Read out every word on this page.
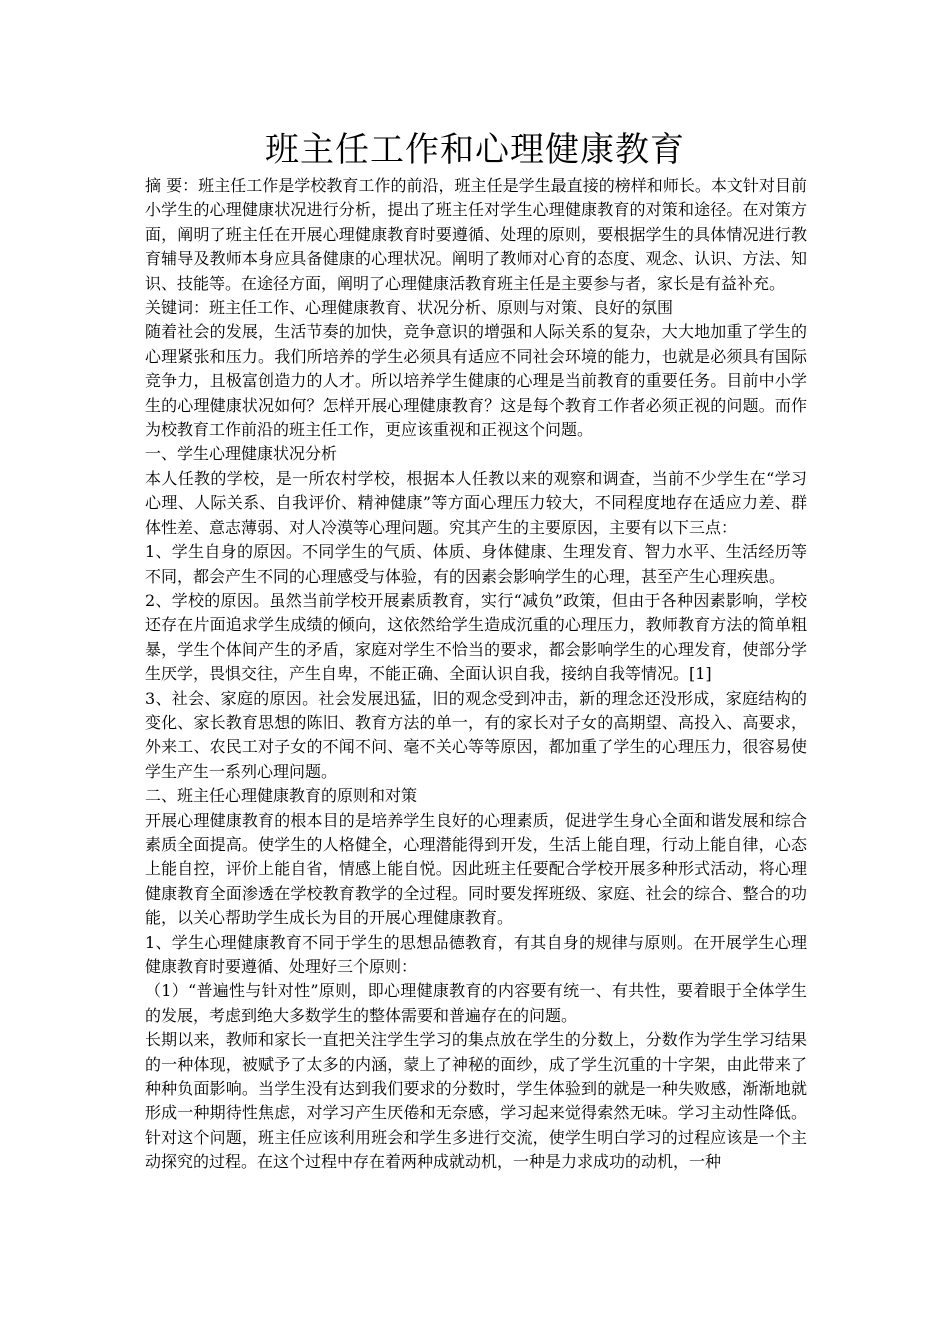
班主任工作和心理健康教育

摘 要：班主任工作是学校教育工作的前沿，班主任是学生最直接的榜样和师长。本文针对目前小学生的心理健康状况进行分析，提出了班主任对学生心理健康教育的对策和途径。在对策方面，阐明了班主任在开展心理健康教育时要遵循、处理的原则，要根据学生的具体情况进行教育辅导及教师本身应具备健康的心理状况。阐明了教师对心育的态度、观念、认识、方法、知识、技能等。在途径方面，阐明了心理健康活教育班主任是主要参与者，家长是有益补充。

关键词：班主任工作、心理健康教育、状况分析、原则与对策、良好的氛围

随着社会的发展，生活节奏的加快，竞争意识的增强和人际关系的复杂，大大地加重了学生的心理紧张和压力。我们所培养的学生必须具有适应不同社会环境的能力，也就是必须具有国际竞争力，且极富创造力的人才。所以培养学生健康的心理是当前教育的重要任务。目前中小学生的心理健康状况如何？怎样开展心理健康教育？这是每个教育工作者必须正视的问题。而作为校教育工作前沿的班主任工作，更应该重视和正视这个问题。

一、学生心理健康状况分析

本人任教的学校，是一所农村学校，根据本人任教以来的观察和调查，当前不少学生在“学习心理、人际关系、自我评价、精神健康”等方面心理压力较大，不同程度地存在适应力差、群体性差、意志薄弱、对人冷漠等心理问题。究其产生的主要原因，主要有以下三点：

1、学生自身的原因。不同学生的气质、体质、身体健康、生理发育、智力水平、生活经历等不同，都会产生不同的心理感受与体验，有的因素会影响学生的心理，甚至产生心理疾患。

2、学校的原因。虽然当前学校开展素质教育，实行“减负”政策，但由于各种因素影响，学校还存在片面追求学生成绩的倾向，这依然给学生造成沉重的心理压力，教师教育方法的简单粗暴，学生个体间产生的矛盾，家庭对学生不恰当的要求，都会影响学生的心理发育，使部分学生厌学，畏惧交往，产生自卑，不能正确、全面认识自我，接纳自我等情况。[1]

3、社会、家庭的原因。社会发展迅猛，旧的观念受到冲击，新的理念还没形成，家庭结构的变化、家长教育思想的陈旧、教育方法的单一，有的家长对子女的高期望、高投入、高要求，外来工、农民工对子女的不闻不问、毫不关心等等原因，都加重了学生的心理压力，很容易使学生产生一系列心理问题。

二、班主任心理健康教育的原则和对策

开展心理健康教育的根本目的是培养学生良好的心理素质，促进学生身心全面和谐发展和综合素质全面提高。使学生的人格健全，心理潜能得到开发，生活上能自理，行动上能自律，心态上能自控，评价上能自省，情感上能自悦。因此班主任要配合学校开展多种形式活动，将心理健康教育全面渗透在学校教育教学的全过程。同时要发挥班级、家庭、社会的综合、整合的功能，以关心帮助学生成长为目的开展心理健康教育。

1、学生心理健康教育不同于学生的思想品德教育，有其自身的规律与原则。在开展学生心理健康教育时要遵循、处理好三个原则：

（1）“普遍性与针对性”原则，即心理健康教育的内容要有统一、有共性，要着眼于全体学生的发展，考虑到绝大多数学生的整体需要和普遍存在的问题。

长期以来，教师和家长一直把关注学生学习的集点放在学生的分数上，分数作为学生学习结果的一种体现，被赋予了太多的内涵，蒙上了神秘的面纱，成了学生沉重的十字架，由此带来了种种负面影响。当学生没有达到我们要求的分数时，学生体验到的就是一种失败感，渐渐地就形成一种期待性焦虑，对学习产生厌倦和无奈感，学习起来觉得索然无味。学习主动性降低。针对这个问题，班主任应该利用班会和学生多进行交流，使学生明白学习的过程应该是一个主动探究的过程。在这个过程中存在着两种成就动机，一种是力求成功的动机，一种
